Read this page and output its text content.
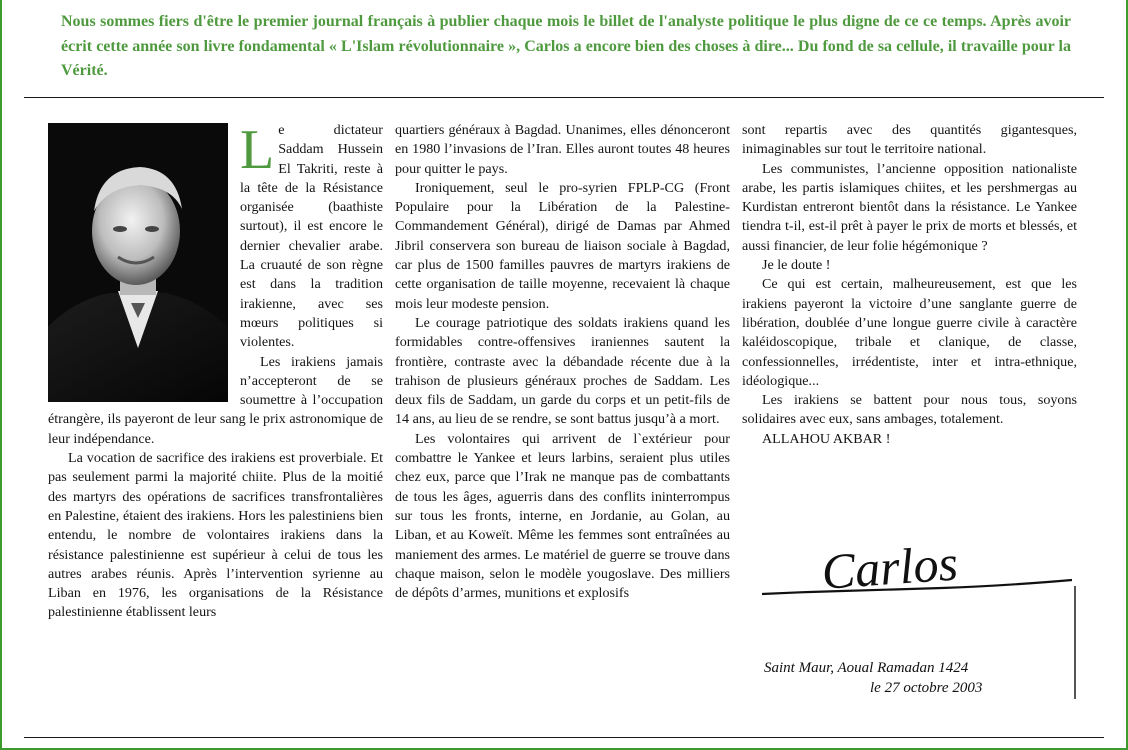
Nous sommes fiers d'être le premier journal français à publier chaque mois le billet de l'analyste politique le plus digne de ce ce temps. Après avoir écrit cette année son livre fondamental « L'Islam révolutionnaire », Carlos a encore bien des choses à dire... Du fond de sa cellule, il travaille pour la Vérité.
L e dictateur Saddam Hussein El Takriti, reste à la tête de la Résistance organisée (baathiste surtout), il est encore le dernier chevalier arabe. La cruauté de son règne est dans la tradition irakienne, avec ses mœurs politiques si violentes.

Les irakiens jamais n’accepteront de se soumettre à l’occupation étrangère, ils payeront de leur sang le prix astronomique de leur indépendance.

La vocation de sacrifice des irakiens est proverbiale. Et pas seulement parmi la majorité chiite. Plus de la moitié des martyrs des opérations de sacrifices transfrontalières en Palestine, étaient des irakiens. Hors les palestiniens bien entendu, le nombre de volontaires irakiens dans la résistance palestinienne est supérieur à celui de tous les autres arabes réunis. Après l’intervention syrienne au Liban en 1976, les organisations de la Résistance palestinienne établissent leurs

quartiers généraux à Bagdad. Unanimes, elles dénonceront en 1980 l’invasions de l’Iran. Elles auront toutes 48 heures pour quitter le pays.

Ironiquement, seul le pro-syrien FPLP-CG (Front Populaire pour la Libération de la Palestine-Commandement Général), dirigé de Damas par Ahmed Jibril conservera son bureau de liaison sociale à Bagdad, car plus de 1500 familles pauvres de martyrs irakiens de cette organisation de taille moyenne, recevaient là chaque mois leur modeste pension.

Le courage patriotique des soldats irakiens quand les formidables contre-offensives iraniennes sautent la frontière, contraste avec la débandade récente due à la trahison de plusieurs généraux proches de Saddam. Les deux fils de Saddam, un garde du corps et un petit-fils de 14 ans, au lieu de se rendre, se sont battus jusqu’à a mort.

Les volontaires qui arrivent de l`extérieur pour combattre le Yankee et leurs larbins, seraient plus utiles chez eux, parce que l’Irak ne manque pas de combattants de tous les âges, aguerris dans des conflits ininterrompus sur tous les fronts, interne, en Jordanie, au Golan, au Liban, et au Koweït. Même les femmes sont entraînées au maniement des armes. Le matériel de guerre se trouve dans chaque maison, selon le modèle yougoslave. Des milliers de dépôts d’armes, munitions et explosifs

sont repartis avec des quantités gigantesques, inimaginables sur tout le territoire national.

Les communistes, l’ancienne opposition nationaliste arabe, les partis islamiques chiites, et les pershmergas au Kurdistan entreront bientôt dans la résistance. Le Yankee tiendra t-il, est-il prêt à payer le prix de morts et blessés, et aussi financier, de leur folie hégémonique ?

Je le doute !

Ce qui est certain, malheureusement, est que les irakiens payeront la victoire d’une sanglante guerre de libération, doublée d’une longue guerre civile à caractère kaléidoscopique, tribale et clanique, de classe, confessionnelles, irrédentiste, inter et intra-ethnique, idéologique...

Les irakiens se battent pour nous tous, soyons solidaires avec eux, sans ambages, totalement.

ALLAHOU AKBAR !

Carlos
Saint Maur, Aoual Ramadan 1424
le 27 octobre 2003
